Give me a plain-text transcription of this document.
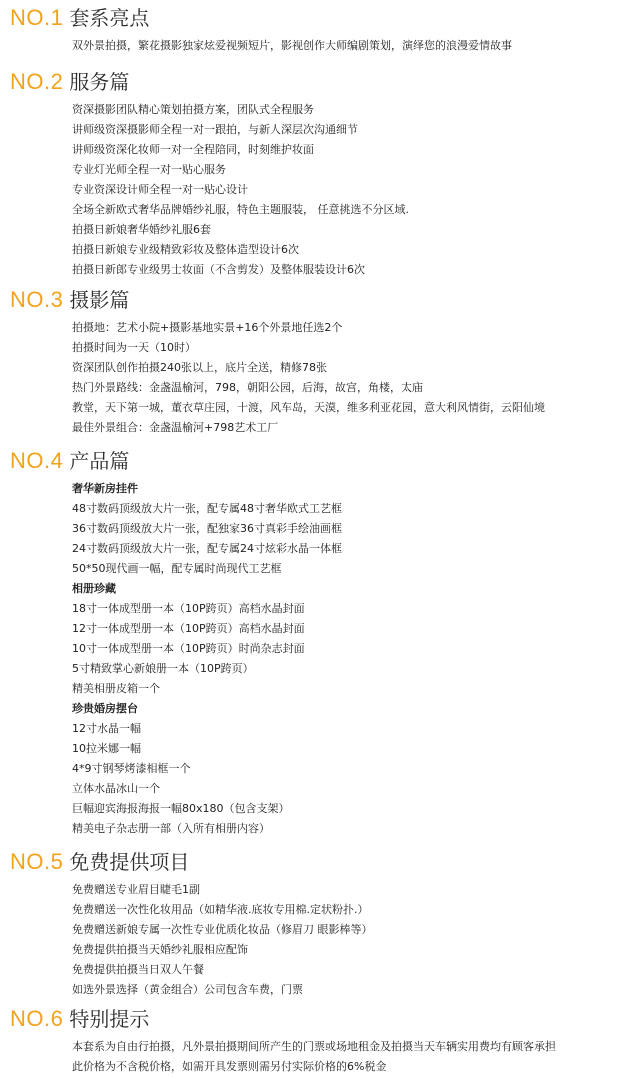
NO.1 套系亮点
双外景拍摄，繁花摄影独家炫爱视频短片，影视创作大师编剧策划，演绎您的浪漫爱情故事
NO.2 服务篇
资深摄影团队精心策划拍摄方案，团队式全程服务
讲师级资深摄影师全程一对一跟拍，与新人深层次沟通细节
讲师级资深化妆师一对一全程陪同，时刻维护妆面
专业灯光师全程一对一贴心服务
专业资深设计师全程一对一贴心设计
全场全新欧式奢华品牌婚纱礼服，特色主题服装， 任意挑选不分区域.
拍摄日新娘奢华婚纱礼服6套
拍摄日新娘专业级精致彩妆及整体造型设计6次
拍摄日新郎专业级男士妆面（不含剪发）及整体服装设计6次
NO.3 摄影篇
拍摄地：艺术小院+摄影基地实景+16个外景地任选2个
拍摄时间为一天（10时）
资深团队创作拍摄240张以上，底片全送，精修78张
热门外景路线：金盏温榆河，798，朝阳公园，后海，故宫，角楼，太庙
教堂，天下第一城，董衣草庄园，十渡，风车岛，天漠，维多利亚花园，意大利风情街，云阳仙境
最佳外景组合：金盏温榆河+798艺术工厂
NO.4 产品篇
奢华新房挂件
48寸数码顶级放大片一张，配专属48寸奢华欧式工艺框
36寸数码顶级放大片一张，配独家36寸真彩手绘油画框
24寸数码顶级放大片一张，配专属24寸炫彩水晶一体框
50*50现代画一幅，配专属时尚现代工艺框
相册珍藏
18寸一体成型册一本（10P跨页）高档水晶封面
12寸一体成型册一本（10P跨页）高档水晶封面
10寸一体成型册一本（10P跨页）时尚杂志封面
5寸精致掌心新娘册一本（10P跨页）
精美相册皮箱一个
珍贵婚房摆台
12寸水晶一幅
10拉米娜一幅
4*9寸钢琴烤漆相框一个
立体水晶冰山一个
巨幅迎宾海报海报一幅80x180（包含支架）
精美电子杂志册一部（入所有相册内容）
NO.5 免费提供项目
免费赠送专业眉目睫毛1副
免费赠送一次性化妆用品（如精华液.底妆专用棉.定状粉扑.）
免费赠送新娘专属一次性专业优质化妆品（修眉刀 眼影棒等）
免费提供拍摄当天婚纱礼服相应配饰
免费提供拍摄当日双人午餐
如选外景选择（黄金组合）公司包含车费，门票
NO.6 特别提示
本套系为自由行拍摄，凡外景拍摄期间所产生的门票或场地租金及拍摄当天车辆实用费均有顾客承担
此价格为不含税价格，如需开具发票则需另付实际价格的6%税金
